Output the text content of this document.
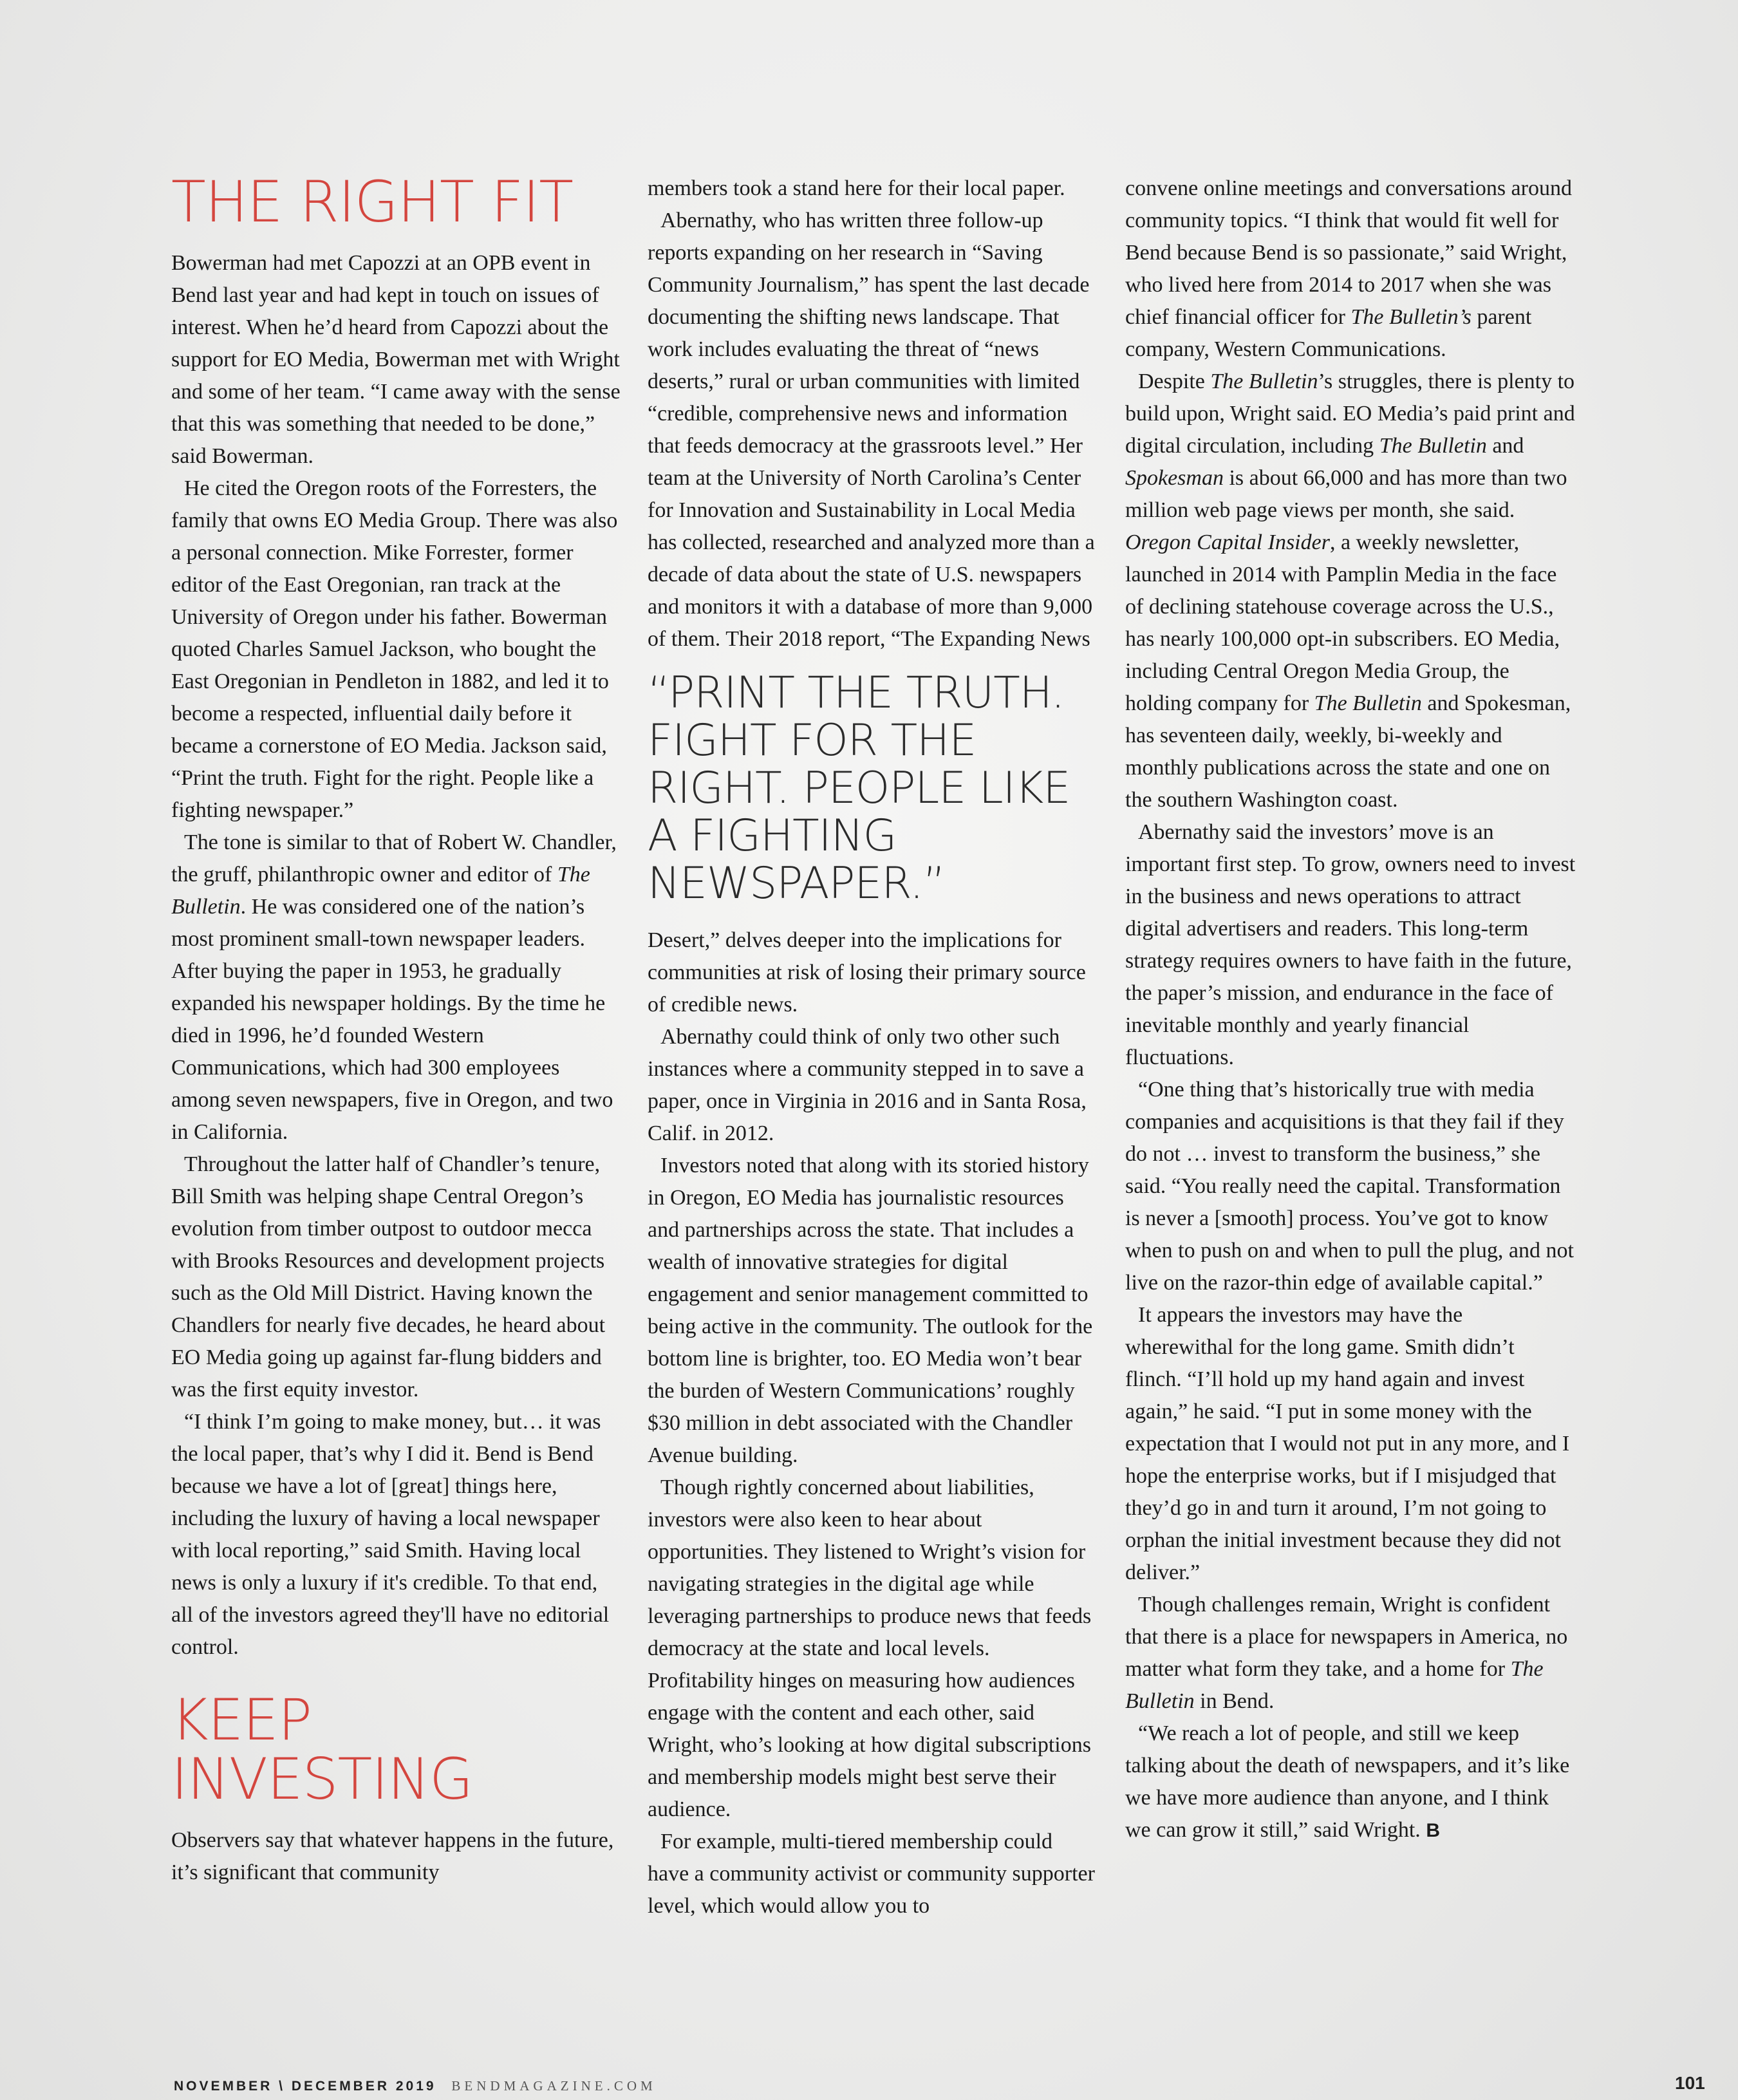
THE RIGHT FIT

Bowerman had met Capozzi at an OPB event in Bend last year and had kept in touch on issues of interest. When he’d heard from Capozzi about the support for EO Media, Bowerman met with Wright and some of her team. “I came away with the sense that this was something that needed to be done,” said Bowerman.

He cited the Oregon roots of the Forresters, the family that owns EO Media Group. There was also a personal connection. Mike Forrester, former editor of the East Oregonian, ran track at the University of Oregon under his father. Bowerman quoted Charles Samuel Jackson, who bought the East Oregonian in Pendleton in 1882, and led it to become a respected, influential daily before it became a cornerstone of EO Media. Jackson said, “Print the truth. Fight for the right. People like a fighting newspaper.”

The tone is similar to that of Robert W. Chandler, the gruff, philanthropic owner and editor of The Bulletin. He was considered one of the nation’s most prominent small-town newspaper leaders. After buying the paper in 1953, he gradually expanded his newspaper holdings. By the time he died in 1996, he’d founded Western Communications, which had 300 employees among seven newspapers, five in Oregon, and two in California.

Throughout the latter half of Chandler’s tenure, Bill Smith was helping shape Central Oregon’s evolution from timber outpost to outdoor mecca with Brooks Resources and development projects such as the Old Mill District. Having known the Chandlers for nearly five decades, he heard about EO Media going up against far-flung bidders and was the first equity investor.

“I think I’m going to make money, but… it was the local paper, that’s why I did it. Bend is Bend because we have a lot of [great] things here, including the luxury of having a local newspaper with local reporting,” said Smith. Having local news is only a luxury if it's credible. To that end, all of the investors agreed they'll have no editorial control.

KEEP
INVESTING

Observers say that whatever happens in the future, it’s significant that community

members took a stand here for their local paper.

Abernathy, who has written three follow-up reports expanding on her research in “Saving Community Journalism,” has spent the last decade documenting the shifting news landscape. That work includes evaluating the threat of “news deserts,” rural or urban communities with limited “credible, comprehensive news and information that feeds democracy at the grassroots level.” Her team at the University of North Carolina’s Center for Innovation and Sustainability in Local Media has collected, researched and analyzed more than a decade of data about the state of U.S. newspapers and monitors it with a database of more than 9,000 of them. Their 2018 report, “The Expanding News

“PRINT THE TRUTH. FIGHT FOR THE RIGHT. PEOPLE LIKE A FIGHTING NEWSPAPER.”

Desert,” delves deeper into the implications for communities at risk of losing their primary source of credible news.

Abernathy could think of only two other such instances where a community stepped in to save a paper, once in Virginia in 2016 and in Santa Rosa, Calif. in 2012.

Investors noted that along with its storied history in Oregon, EO Media has journalistic resources and partnerships across the state. That includes a wealth of innovative strategies for digital engagement and senior management committed to being active in the community. The outlook for the bottom line is brighter, too. EO Media won’t bear the burden of Western Communications’ roughly $30 million in debt associated with the Chandler Avenue building.

Though rightly concerned about liabilities, investors were also keen to hear about opportunities. They listened to Wright’s vision for navigating strategies in the digital age while leveraging partnerships to produce news that feeds democracy at the state and local levels. Profitability hinges on measuring how audiences engage with the content and each other, said Wright, who’s looking at how digital subscriptions and membership models might best serve their audience.

For example, multi-tiered membership could have a community activist or community supporter level, which would allow you to

convene online meetings and conversations around community topics. “I think that would fit well for Bend because Bend is so passionate,” said Wright, who lived here from 2014 to 2017 when she was chief financial officer for The Bulletin’s parent company, Western Communications.

Despite The Bulletin’s struggles, there is plenty to build upon, Wright said. EO Media’s paid print and digital circulation, including The Bulletin and Spokesman is about 66,000 and has more than two million web page views per month, she said. Oregon Capital Insider, a weekly newsletter, launched in 2014 with Pamplin Media in the face of declining statehouse coverage across the U.S., has nearly 100,000 opt-in subscribers. EO Media, including Central Oregon Media Group, the holding company for The Bulletin and Spokesman, has seventeen daily, weekly, bi-weekly and monthly publications across the state and one on the southern Washington coast.

Abernathy said the investors’ move is an important first step. To grow, owners need to invest in the business and news operations to attract digital advertisers and readers. This long-term strategy requires owners to have faith in the future, the paper’s mission, and endurance in the face of inevitable monthly and yearly financial fluctuations.

“One thing that’s historically true with media companies and acquisitions is that they fail if they do not … invest to transform the business,” she said. “You really need the capital. Transformation is never a [smooth] process. You’ve got to know when to push on and when to pull the plug, and not live on the razor-thin edge of available capital.”

It appears the investors may have the wherewithal for the long game. Smith didn’t flinch. “I’ll hold up my hand again and invest again,” he said. “I put in some money with the expectation that I would not put in any more, and I hope the enterprise works, but if I misjudged that they’d go in and turn it around, I’m not going to orphan the initial investment because they did not deliver.”

Though challenges remain, Wright is confident that there is a place for newspapers in America, no matter what form they take, and a home for The Bulletin in Bend.

“We reach a lot of people, and still we keep talking about the death of newspapers, and it’s like we have more audience than anyone, and I think we can grow it still,” said Wright. B

NOVEMBER \ DECEMBER 2019 BENDMAGAZINE.COM	101
